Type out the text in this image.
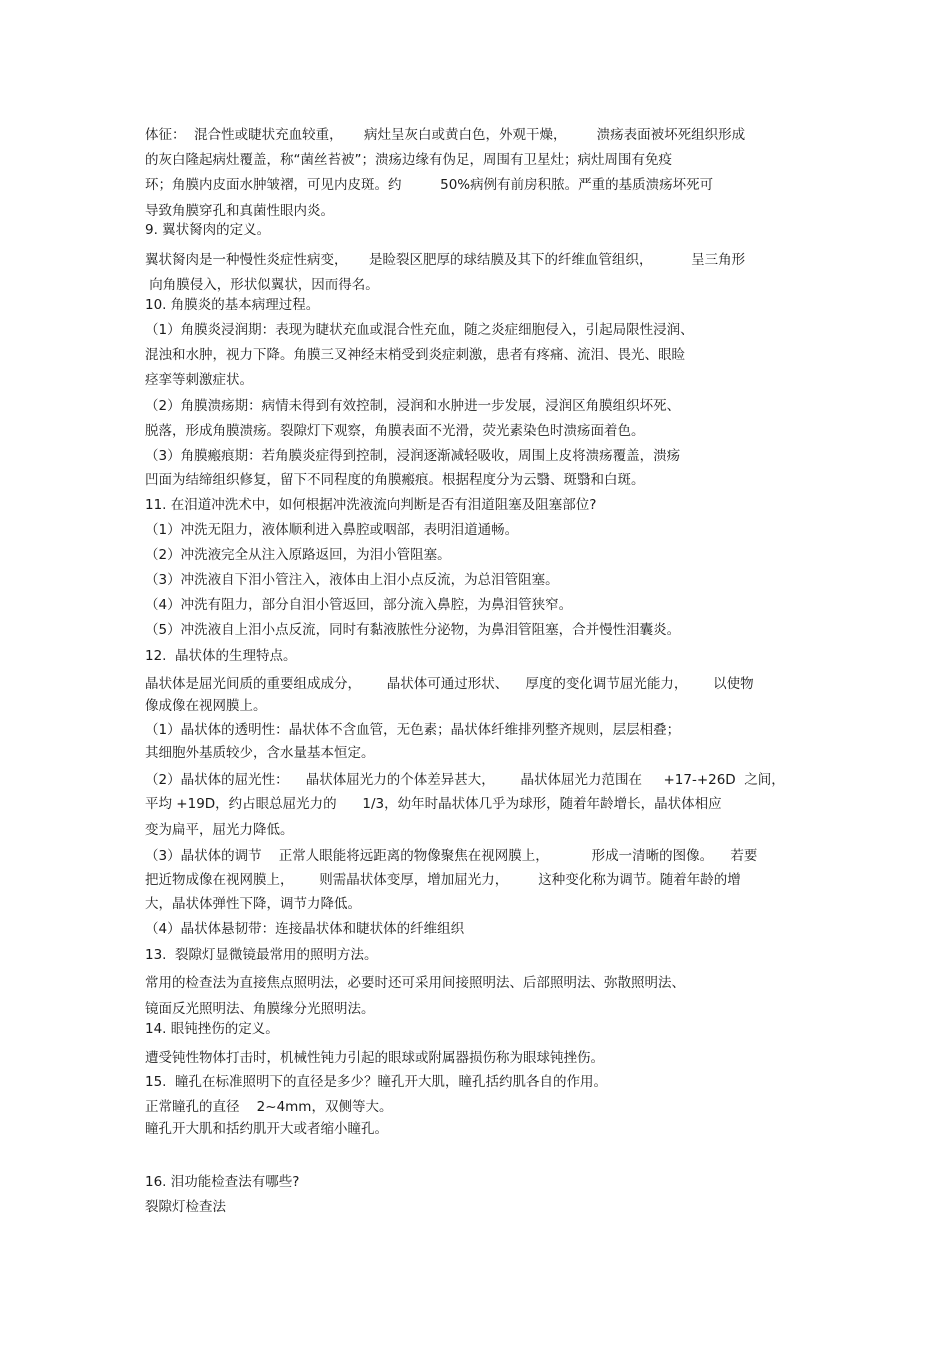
体征：  混合性或睫状充血较重，     病灶呈灰白或黄白色，外观干燥，       溃疡表面被坏死组织形成
的灰白隆起病灶覆盖，称“菌丝苔被”；溃疡边缘有伪足，周围有卫星灶；病灶周围有免疫
环；角膜内皮面水肿皱褶，可见内皮斑。约         50%病例有前房积脓。严重的基质溃疡坏死可
导致角膜穿孔和真菌性眼内炎。
9. 翼状胬肉的定义。
翼状胬肉是一种慢性炎症性病变，     是睑裂区肥厚的球结膜及其下的纤维血管组织，         呈三角形
向角膜侵入，形状似翼状，因而得名。
10. 角膜炎的基本病理过程。
（1）角膜炎浸润期：表现为睫状充血或混合性充血，随之炎症细胞侵入，引起局限性浸润、
混浊和水肿，视力下降。角膜三叉神经末梢受到炎症刺激，患者有疼痛、流泪、畏光、眼睑
痉挛等刺激症状。
（2）角膜溃疡期：病情未得到有效控制，浸润和水肿进一步发展，浸润区角膜组织坏死、
脱落，形成角膜溃疡。裂隙灯下观察，角膜表面不光滑，荧光素染色时溃疡面着色。
（3）角膜瘢痕期：若角膜炎症得到控制，浸润逐渐减轻吸收，周围上皮将溃疡覆盖，溃疡
凹面为结缔组织修复，留下不同程度的角膜瘢痕。根据程度分为云翳、斑翳和白斑。
11. 在泪道冲洗术中，如何根据冲洗液流向判断是否有泪道阻塞及阻塞部位?
（1）冲洗无阻力，液体顺利进入鼻腔或咽部，表明泪道通畅。
（2）冲洗液完全从注入原路返回，为泪小管阻塞。
（3）冲洗液自下泪小管注入，液体由上泪小点反流，为总泪管阻塞。
（4）冲洗有阻力，部分自泪小管返回，部分流入鼻腔，为鼻泪管狭窄。
（5）冲洗液自上泪小点反流，同时有黏液脓性分泌物，为鼻泪管阻塞，合并慢性泪囊炎。
12.  晶状体的生理特点。
晶状体是屈光间质的重要组成成分，      晶状体可通过形状、    厚度的变化调节屈光能力，      以使物
像成像在视网膜上。
（1）晶状体的透明性：晶状体不含血管，无色素；晶状体纤维排列整齐规则，层层相叠；
其细胞外基质较少，含水量基本恒定。
（2）晶状体的屈光性：    晶状体屈光力的个体差异甚大，      晶状体屈光力范围在     +17-+26D  之间，
平均 +19D，约占眼总屈光力的      1/3，幼年时晶状体几乎为球形，随着年龄增长，晶状体相应
变为扁平，屈光力降低。
（3）晶状体的调节    正常人眼能将远距离的物像聚焦在视网膜上，          形成一清晰的图像。    若要
把近物成像在视网膜上，      则需晶状体变厚，增加屈光力，       这种变化称为调节。随着年龄的增
大，晶状体弹性下降，调节力降低。
（4）晶状体悬韧带：连接晶状体和睫状体的纤维组织
13.  裂隙灯显微镜最常用的照明方法。
常用的检查法为直接焦点照明法，必要时还可采用间接照明法、后部照明法、弥散照明法、
镜面反光照明法、角膜缘分光照明法。
14. 眼钝挫伤的定义。
遭受钝性物体打击时，机械性钝力引起的眼球或附属器损伤称为眼球钝挫伤。
15.  瞳孔在标准照明下的直径是多少？瞳孔开大肌，瞳孔括约肌各自的作用。
正常瞳孔的直径    2~4mm，双侧等大。
瞳孔开大肌和括约肌开大或者缩小瞳孔。
16. 泪功能检查法有哪些?
裂隙灯检查法
